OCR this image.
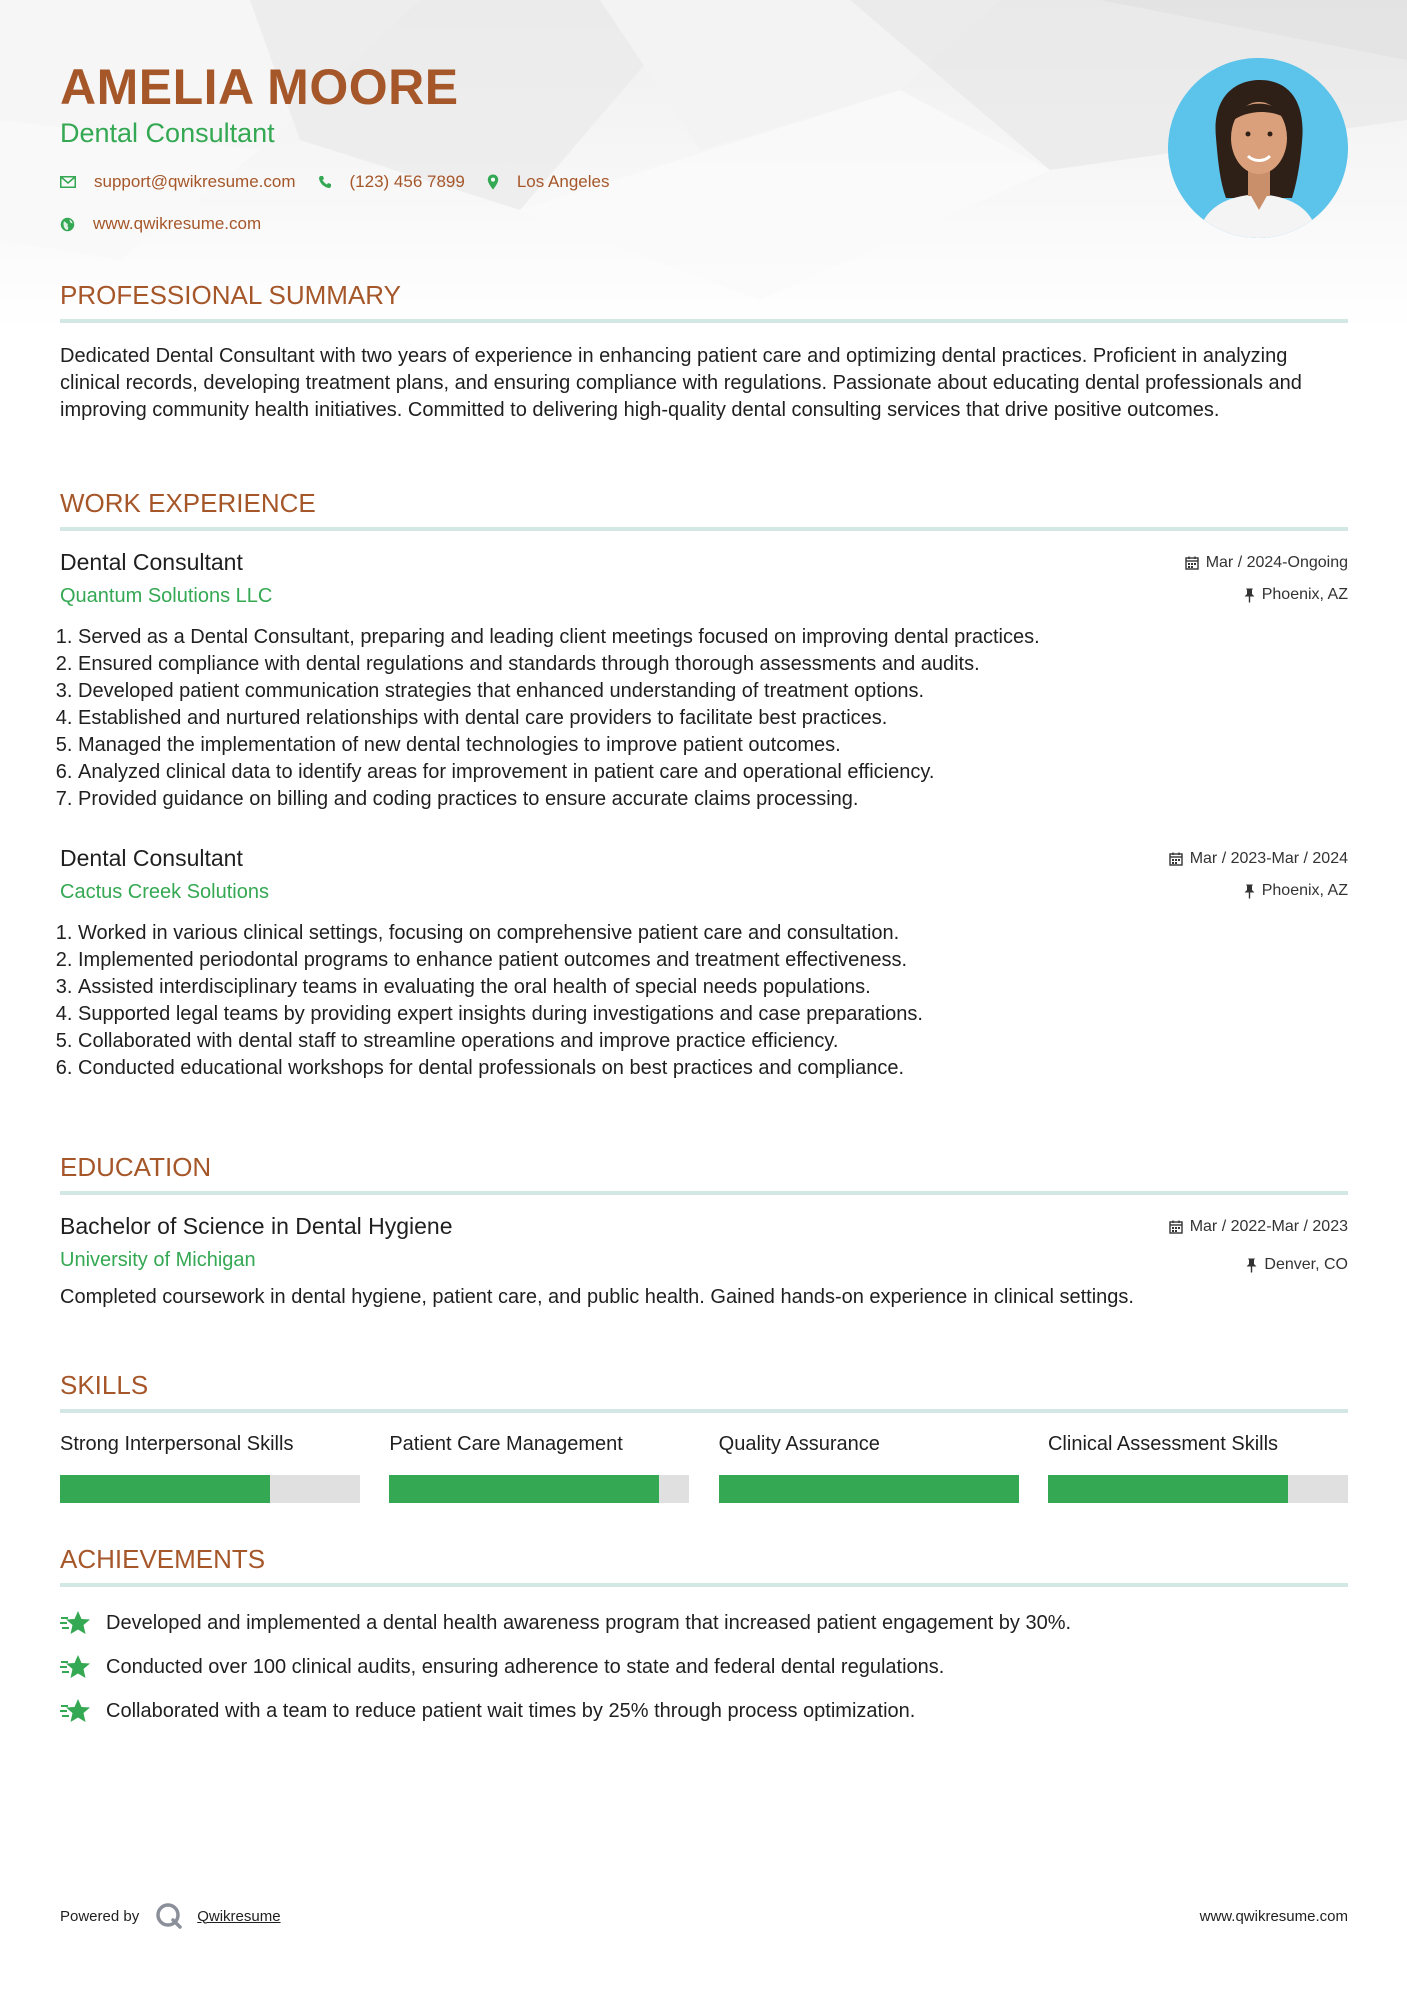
AMELIA MOORE
Dental Consultant
support@qwikresume.com	(123) 456 7899	Los Angeles
www.qwikresume.com
PROFESSIONAL SUMMARY

Dedicated Dental Consultant with two years of experience in enhancing patient care and optimizing dental practices. Proficient in analyzing clinical records, developing treatment plans, and ensuring compliance with regulations. Passionate about educating dental professionals and improving community health initiatives. Committed to delivering high-quality dental consulting services that drive positive outcomes.

WORK EXPERIENCE
Dental Consultant
Quantum Solutions LLC
Mar / 2024-Ongoing
Phoenix, AZ
1. Served as a Dental Consultant, preparing and leading client meetings focused on improving dental practices.
2. Ensured compliance with dental regulations and standards through thorough assessments and audits.
3. Developed patient communication strategies that enhanced understanding of treatment options.
4. Established and nurtured relationships with dental care providers to facilitate best practices.
5. Managed the implementation of new dental technologies to improve patient outcomes.
6. Analyzed clinical data to identify areas for improvement in patient care and operational efficiency.
7. Provided guidance on billing and coding practices to ensure accurate claims processing.
Dental Consultant
Cactus Creek Solutions
Mar / 2023-Mar / 2024
Phoenix, AZ
1. Worked in various clinical settings, focusing on comprehensive patient care and consultation.
2. Implemented periodontal programs to enhance patient outcomes and treatment effectiveness.
3. Assisted interdisciplinary teams in evaluating the oral health of special needs populations.
4. Supported legal teams by providing expert insights during investigations and case preparations.
5. Collaborated with dental staff to streamline operations and improve practice efficiency.
6. Conducted educational workshops for dental professionals on best practices and compliance.
EDUCATION
Bachelor of Science in Dental Hygiene
University of Michigan
Mar / 2022-Mar / 2023
Denver, CO
Completed coursework in dental hygiene, patient care, and public health. Gained hands-on experience in clinical settings.
SKILLS
Strong Interpersonal Skills	Patient Care Management	Quality Assurance	Clinical Assessment Skills
ACHIEVEMENTS
Developed and implemented a dental health awareness program that increased patient engagement by 30%.
Conducted over 100 clinical audits, ensuring adherence to state and federal dental regulations.
Collaborated with a team to reduce patient wait times by 25% through process optimization.
Powered by	Qwikresume	www.qwikresume.com
